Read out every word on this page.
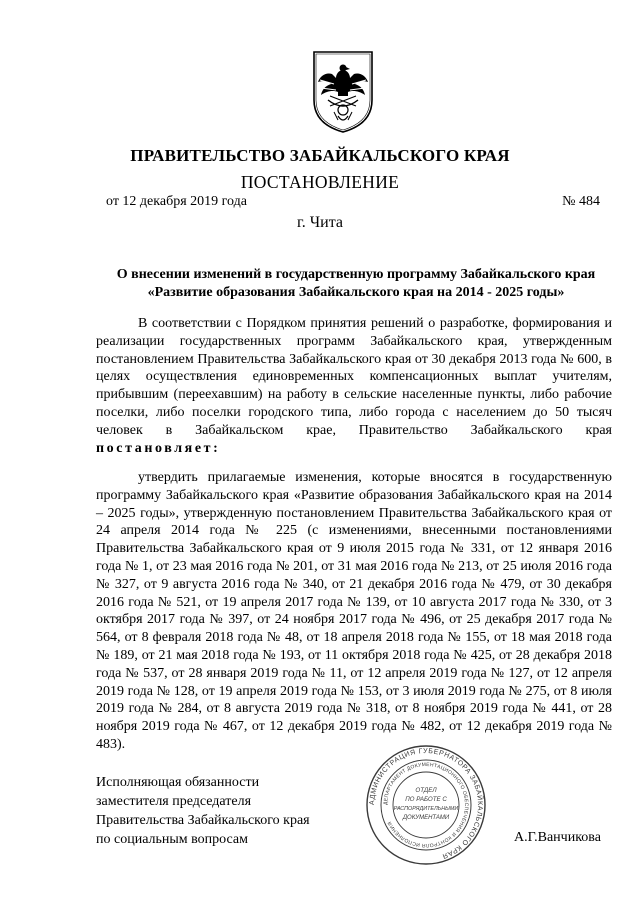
ПРАВИТЕЛЬСТВО ЗАБАЙКАЛЬСКОГО КРАЯ
ПОСТАНОВЛЕНИЕ
от 12 декабря 2019 года	№ 484
г. Чита
О внесении изменений в государственную программу Забайкальского края
«Развитие образования Забайкальского края на 2014 - 2025 годы»

В соответствии с Порядком принятия решений о разработке, формирования и реализации государственных программ Забайкальского края, утвержденным постановлением Правительства Забайкальского края от 30 декабря 2013 года № 600, в целях осуществления единовременных компенсационных выплат учителям, прибывшим (переехавшим) на работу в сельские населенные пункты, либо рабочие поселки, либо поселки городского типа, либо города с населением до 50 тысяч человек в Забайкальском крае, Правительство Забайкальского края постановляет:

утвердить прилагаемые изменения, которые вносятся в государственную программу Забайкальского края «Развитие образования Забайкальского края на 2014 – 2025 годы», утвержденную постановлением Правительства Забайкальского края от 24 апреля 2014 года № 225 (с изменениями, внесенными постановлениями Правительства Забайкальского края от 9 июля 2015 года № 331, от 12 января 2016 года № 1, от 23 мая 2016 года № 201, от 31 мая 2016 года № 213, от 25 июля 2016 года № 327, от 9 августа 2016 года № 340, от 21 декабря 2016 года № 479, от 30 декабря 2016 года № 521, от 19 апреля 2017 года № 139, от 10 августа 2017 года № 330, от 3 октября 2017 года № 397, от 24 ноября 2017 года № 496, от 25 декабря 2017 года № 564, от 8 февраля 2018 года № 48, от 18 апреля 2018 года № 155, от 18 мая 2018 года № 189, от 21 мая 2018 года № 193, от 11 октября 2018 года № 425, от 28 декабря 2018 года № 537, от 28 января 2019 года № 11, от 12 апреля 2019 года № 127, от 12 апреля 2019 года № 128, от 19 апреля 2019 года № 153, от 3 июля 2019 года № 275, от 8 июля 2019 года № 284, от 8 августа 2019 года № 318, от 8 ноября 2019 года № 441, от 28 ноября 2019 года № 467, от 12 декабря 2019 года № 482, от 12 декабря 2019 года № 483).

Исполняющая обязанности
заместителя председателя
Правительства Забайкальского края
по социальным вопросам	А.Г.Ванчикова
АДМИНИСТРАЦИЯ ГУБЕРНАТОРА ЗАБАЙКАЛЬСКОГО КРАЯ
ДЕПАРТАМЕНТ ДОКУМЕНТАЦИОННОГО ОБЕСПЕЧЕНИЯ И КОНТРОЛЯ ИСПОЛНЕНИЯ
ОТДЕЛ
ПО РАБОТЕ С
РАСПОРЯДИТЕЛЬНЫМИ
ДОКУМЕНТАМИ
